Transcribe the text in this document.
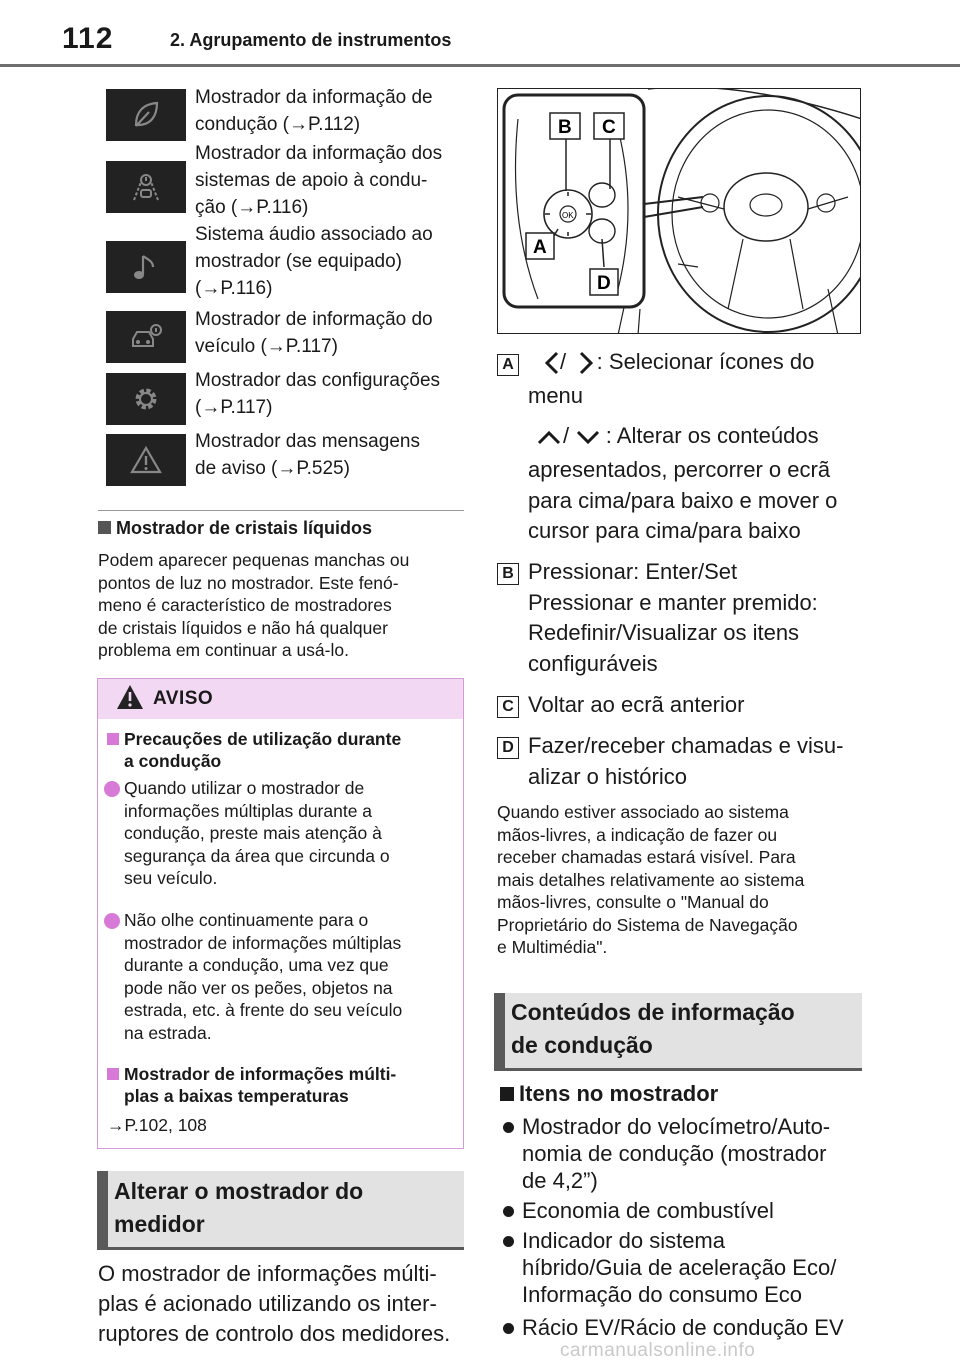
112	2. Agrupamento de instrumentos
Mostrador da informação de
condução (→P.112)
Mostrador da informação dos
sistemas de apoio à condu-
ção (→P.116)
Sistema áudio associado ao
mostrador (se equipado)
(→P.116)
Mostrador de informação do
veículo (→P.117)
Mostrador das configurações
(→P.117)
Mostrador das mensagens
de aviso (→P.525)
Mostrador de cristais líquidos
Podem aparecer pequenas manchas ou
pontos de luz no mostrador. Este fenó-
meno é característico de mostradores
de cristais líquidos e não há qualquer
problema em continuar a usá-lo.
AVISO
Precauções de utilização durante
a condução
Quando utilizar o mostrador de
informações múltiplas durante a
condução, preste mais atenção à
segurança da área que circunda o
seu veículo.
Não olhe continuamente para o
mostrador de informações múltiplas
durante a condução, uma vez que
pode não ver os peões, objetos na
estrada, etc. à frente do seu veículo
na estrada.
Mostrador de informações múlti-
plas a baixas temperaturas
→P.102, 108
Alterar o mostrador do
medidor
O mostrador de informações múlti-
plas é acionado utilizando os inter-
ruptores de controlo dos medidores.
OK
B C
A
D
A /     : Selecionar ícones do
menu
/      : Alterar os conteúdos
apresentados, percorrer o ecrã
para cima/para baixo e mover o
cursor para cima/para baixo
B Pressionar: Enter/Set
Pressionar e manter premido:
Redefinir/Visualizar os itens
configuráveis
C Voltar ao ecrã anterior
D Fazer/receber chamadas e visu-
alizar o histórico
Quando estiver associado ao sistema
mãos-livres, a indicação de fazer ou
receber chamadas estará visível. Para
mais detalhes relativamente ao sistema
mãos-livres, consulte o "Manual do
Proprietário do Sistema de Navegação
e Multimédia".
Conteúdos de informação
de condução
Itens no mostrador
Mostrador do velocímetro/Auto-
nomia de condução (mostrador
de 4,2”)
Economia de combustível
Indicador do sistema
híbrido/Guia de aceleração Eco/
Informação do consumo Eco
Rácio EV/Rácio de condução EV
carmanualsonline.info
